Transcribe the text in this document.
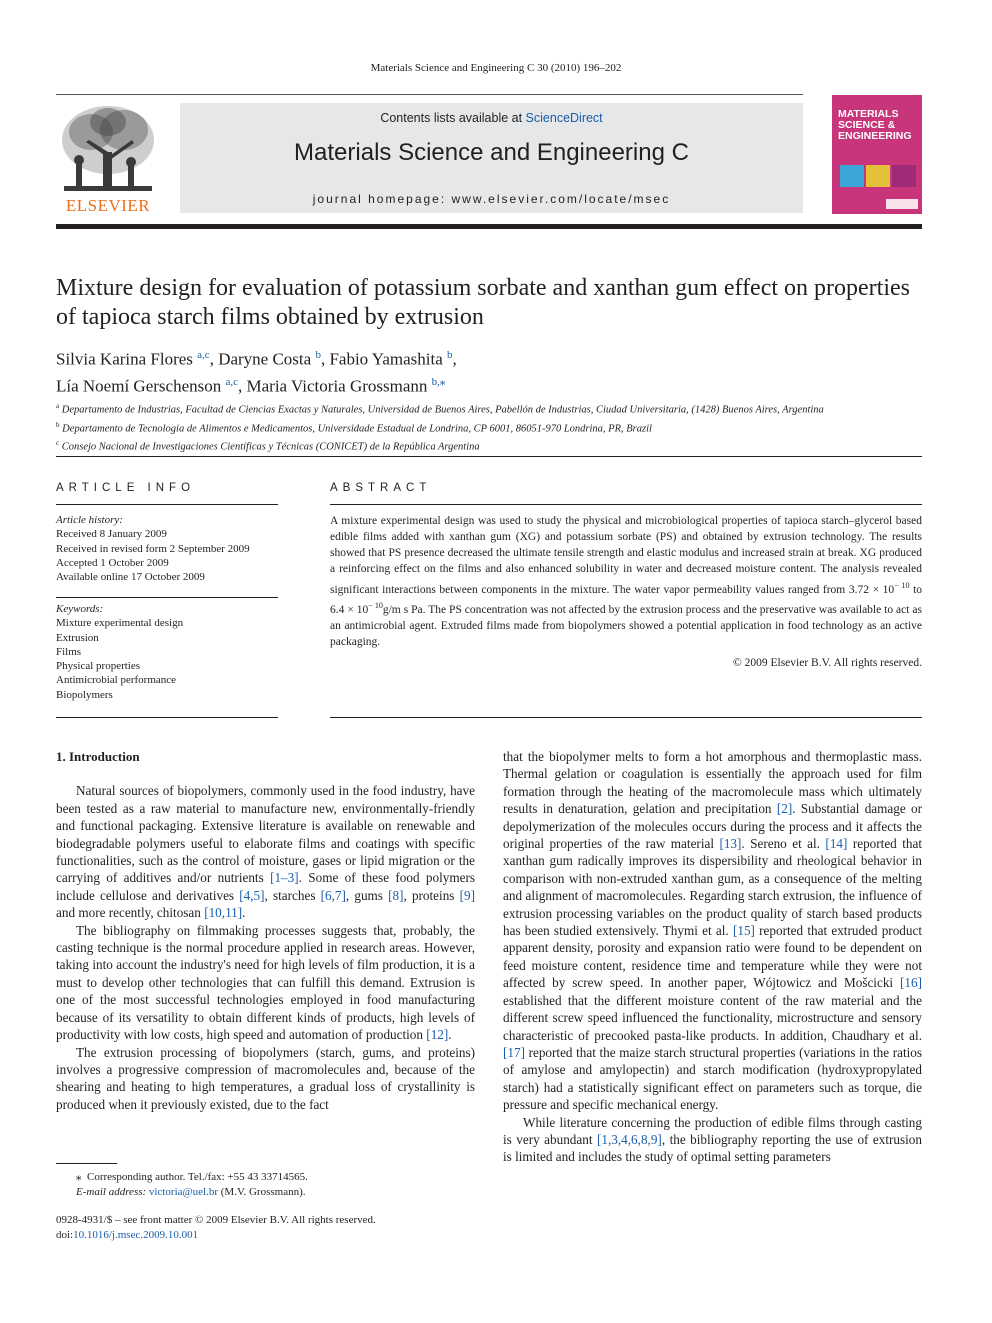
Materials Science and Engineering C 30 (2010) 196–202
ELSEVIER
Contents lists available at ScienceDirect
Materials Science and Engineering C
journal homepage: www.elsevier.com/locate/msec
MATERIALS
SCIENCE &
ENGINEERING
Mixture design for evaluation of potassium sorbate and xanthan gum effect on properties of tapioca starch films obtained by extrusion
Silvia Karina Flores $^{a,c}$, Daryne Costa $^b$, Fabio Yamashita $^b$,
Lía Noemí Gerschenson $^{a,c}$, Maria Victoria Grossmann $^{b,⁎}$
$^a$ Departamento de Industrias, Facultad de Ciencias Exactas y Naturales, Universidad de Buenos Aires, Pabellón de Industrias, Ciudad Universitaria, (1428) Buenos Aires, Argentina
$^b$ Departamento de Tecnologia de Alimentos e Medicamentos, Universidade Estadual de Londrina, CP 6001, 86051-970 Londrina, PR, Brazil
$^c$ Consejo Nacional de Investigaciones Científicas y Técnicas (CONICET) de la República Argentina
ARTICLE INFO	ABSTRACT
Article history:
Received 8 January 2009
Received in revised form 2 September 2009
Accepted 1 October 2009
Available online 17 October 2009
Keywords:
Mixture experimental design
Extrusion
Films
Physical properties
Antimicrobial performance
Biopolymers
A mixture experimental design was used to study the physical and microbiological properties of tapioca starch–glycerol based edible films added with xanthan gum (XG) and potassium sorbate (PS) and obtained by extrusion technology. The results showed that PS presence decreased the ultimate tensile strength and elastic modulus and increased strain at break. XG produced a reinforcing effect on the films and also enhanced solubility in water and decreased moisture content. The analysis revealed significant interactions between components in the mixture. The water vapor permeability values ranged from $3.72 \times 10^{- 10}$ to $6.4 \times 10^{- 10}g/m$ s Pa. The PS concentration was not affected by the extrusion process and the preservative was available to act as an antimicrobial agent. Extruded films made from biopolymers showed a potential application in food technology as an active packaging.
© 2009 Elsevier B.V. All rights reserved.

1. Introduction

Natural sources of biopolymers, commonly used in the food industry, have been tested as a raw material to manufacture new, environmentally-friendly and functional packaging. Extensive literature is available on renewable and biodegradable polymers useful to elaborate films and coatings with specific functionalities, such as the control of moisture, gases or lipid migration or the carrying of additives and/or nutrients [1–3]. Some of these food polymers include cellulose and derivatives [4,5], starches [6,7], gums [8], proteins [9] and more recently, chitosan [10,11].

The bibliography on filmmaking processes suggests that, probably, the casting technique is the normal procedure applied in research areas. However, taking into account the industry's need for high levels of film production, it is a must to develop other technologies that can fulfill this demand. Extrusion is one of the most successful technologies employed in food manufacturing because of its versatility to obtain different kinds of products, high levels of productivity with low costs, high speed and automation of production [12].

The extrusion processing of biopolymers (starch, gums, and proteins) involves a progressive compression of macromolecules and, because of the shearing and heating to high temperatures, a gradual loss of crystallinity is produced when it previously existed, due to the fact

that the biopolymer melts to form a hot amorphous and thermoplastic mass. Thermal gelation or coagulation is essentially the approach used for film formation through the heating of the macromolecule mass which ultimately results in denaturation, gelation and precipitation [2]. Substantial damage or depolymerization of the molecules occurs during the process and it affects the original properties of the raw material [13]. Sereno et al. [14] reported that xanthan gum radically improves its dispersibility and rheological behavior in comparison with non-extruded xanthan gum, as a consequence of the melting and alignment of macromolecules. Regarding starch extrusion, the influence of extrusion processing variables on the product quality of starch based products has been studied extensively. Thymi et al. [15] reported that extruded product apparent density, porosity and expansion ratio were found to be dependent on feed moisture content, residence time and temperature while they were not affected by screw speed. In another paper, Wójtowicz and Mošcicki [16] established that the different moisture content of the raw material and the different screw speed influenced the functionality, microstructure and sensory characteristic of precooked pasta-like products. In addition, Chaudhary et al. [17] reported that the maize starch structural properties (variations in the ratios of amylose and amylopectin) and starch modification (hydroxypropylated starch) had a statistically significant effect on parameters such as torque, die pressure and specific mechanical energy.

While literature concerning the production of edible films through casting is very abundant [1,3,4,6,8,9], the bibliography reporting the use of extrusion is limited and includes the study of optimal setting parameters

⁎ Corresponding author. Tel./fax: +55 43 33714565.
E-mail address: victoria@uel.br (M.V. Grossmann).
0928-4931/$ – see front matter © 2009 Elsevier B.V. All rights reserved.
doi:10.1016/j.msec.2009.10.001
